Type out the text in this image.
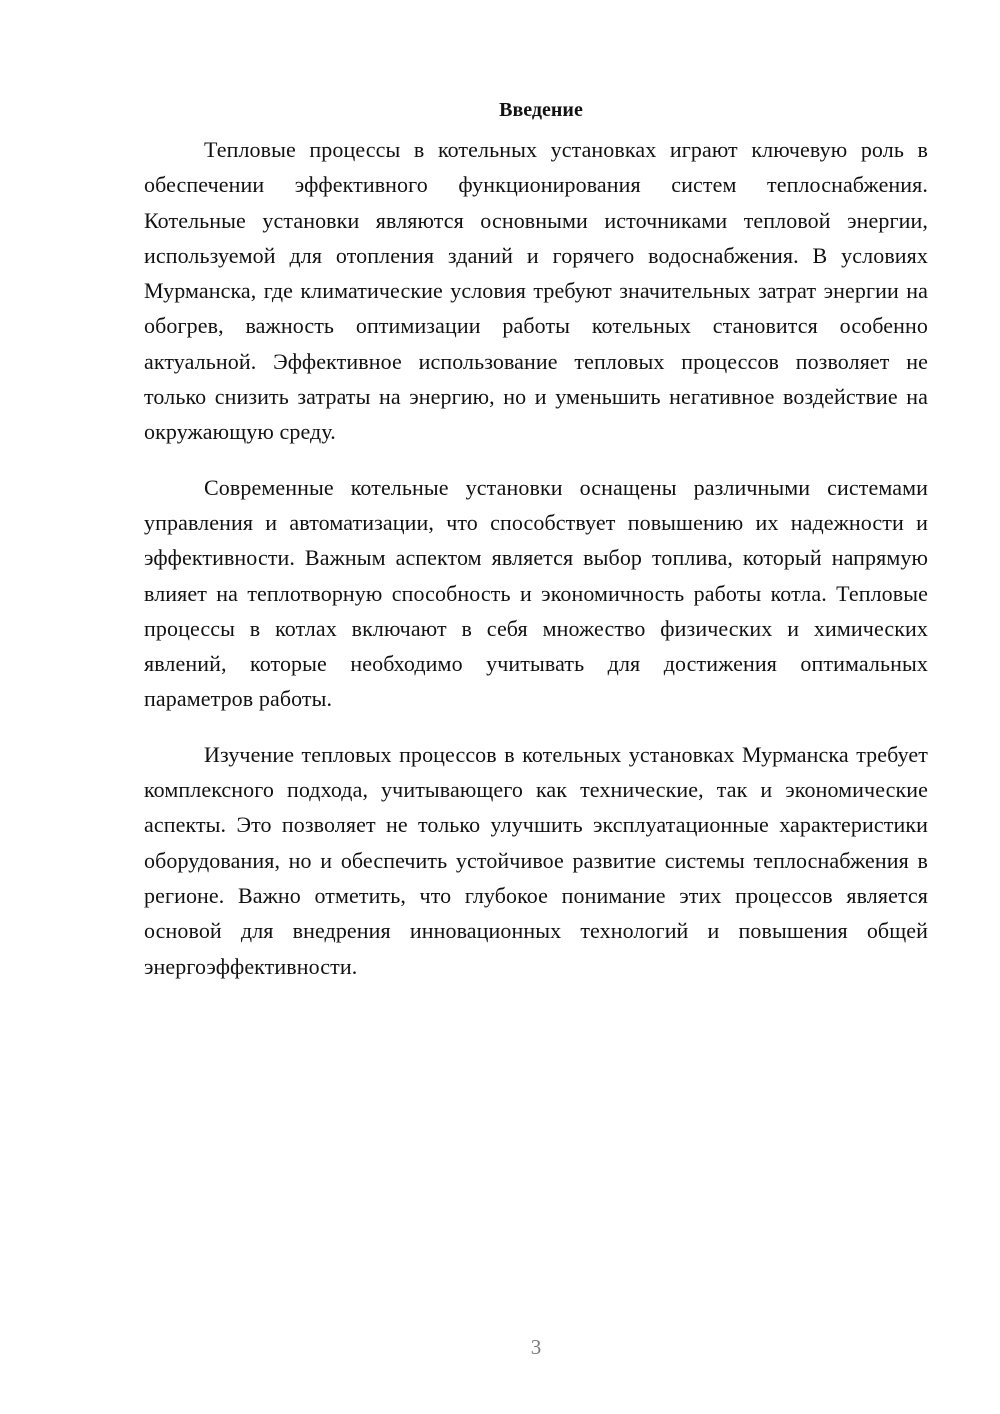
Введение

Тепловые процессы в котельных установках играют ключевую роль в обеспечении эффективного функционирования систем теплоснабжения. Котельные установки являются основными источниками тепловой энергии, используемой для отопления зданий и горячего водоснабжения. В условиях Мурманска, где климатические условия требуют значительных затрат энергии на обогрев, важность оптимизации работы котельных становится особенно актуальной. Эффективное использование тепловых процессов позволяет не только снизить затраты на энергию, но и уменьшить негативное воздействие на окружающую среду.

Современные котельные установки оснащены различными системами управления и автоматизации, что способствует повышению их надежности и эффективности. Важным аспектом является выбор топлива, который напрямую влияет на теплотворную способность и экономичность работы котла. Тепловые процессы в котлах включают в себя множество физических и химических явлений, которые необходимо учитывать для достижения оптимальных параметров работы.

Изучение тепловых процессов в котельных установках Мурманска требует комплексного подхода, учитывающего как технические, так и экономические аспекты. Это позволяет не только улучшить эксплуатационные характеристики оборудования, но и обеспечить устойчивое развитие системы теплоснабжения в регионе. Важно отметить, что глубокое понимание этих процессов является основой для внедрения инновационных технологий и повышения общей энергоэффективности.

3
